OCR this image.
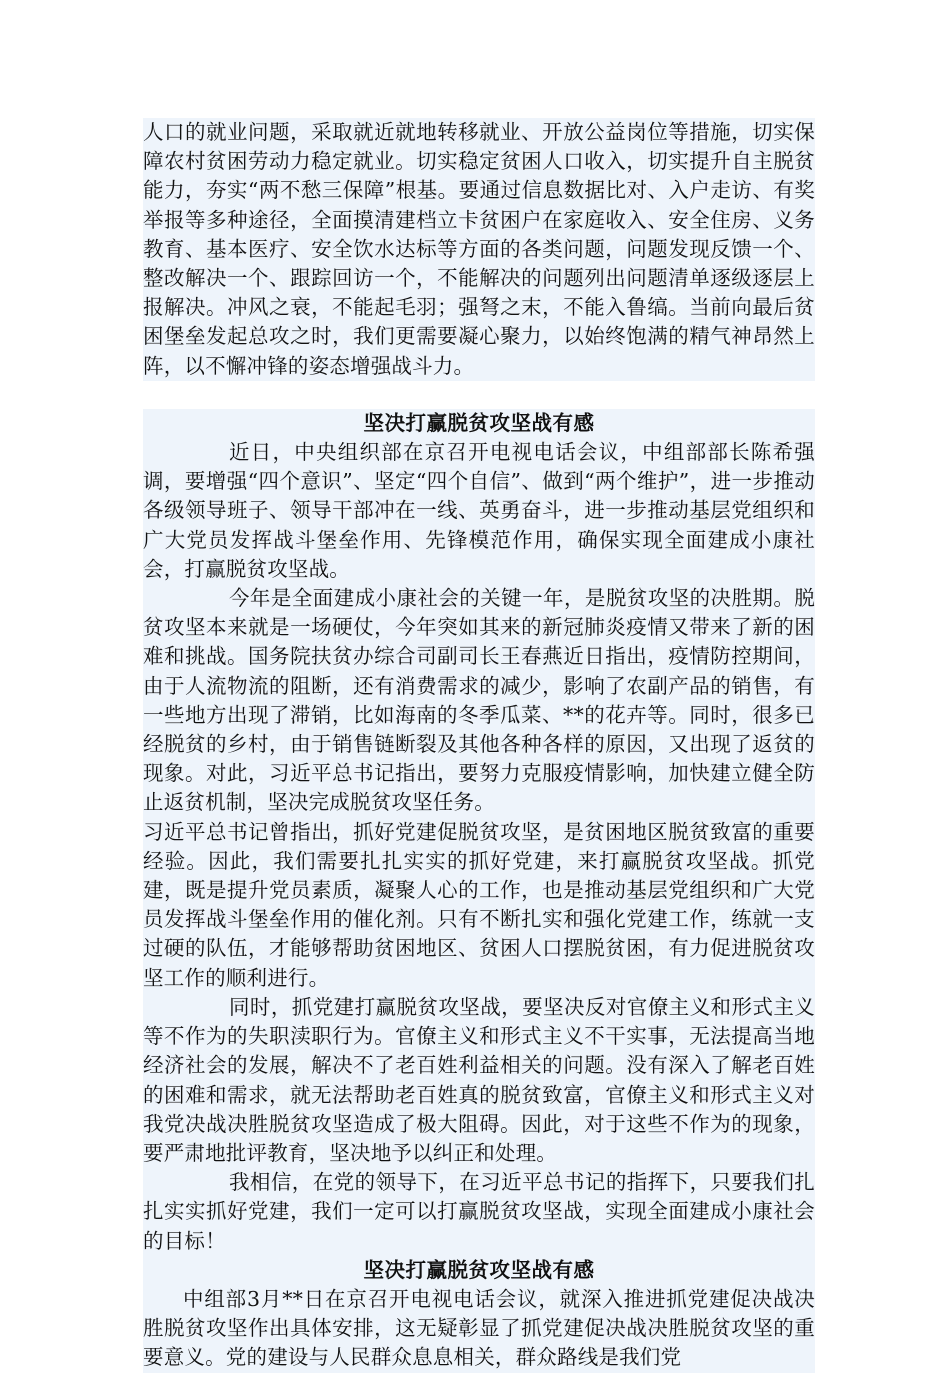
人口的就业问题，采取就近就地转移就业、开放公益岗位等措施，切实保障农村贫困劳动力稳定就业。切实稳定贫困人口收入，切实提升自主脱贫能力，夯实“两不愁三保障”根基。要通过信息数据比对、入户走访、有奖举报等多种途径，全面摸清建档立卡贫困户在家庭收入、安全住房、义务教育、基本医疗、安全饮水达标等方面的各类问题，问题发现反馈一个、整改解决一个、跟踪回访一个，不能解决的问题列出问题清单逐级逐层上报解决。冲风之衰，不能起毛羽；强弩之末，不能入鲁缟。当前向最后贫困堡垒发起总攻之时，我们更需要凝心聚力，以始终饱满的精气神昂然上阵，以不懈冲锋的姿态增强战斗力。

坚决打赢脱贫攻坚战有感

近日，中央组织部在京召开电视电话会议，中组部部长陈希强调，要增强“四个意识”、坚定“四个自信”、做到“两个维护”，进一步推动各级领导班子、领导干部冲在一线、英勇奋斗，进一步推动基层党组织和广大党员发挥战斗堡垒作用、先锋模范作用，确保实现全面建成小康社会，打赢脱贫攻坚战。

今年是全面建成小康社会的关键一年，是脱贫攻坚的决胜期。脱贫攻坚本来就是一场硬仗，今年突如其来的新冠肺炎疫情又带来了新的困难和挑战。国务院扶贫办综合司副司长王春燕近日指出，疫情防控期间，由于人流物流的阻断，还有消费需求的减少，影响了农副产品的销售，有一些地方出现了滞销，比如海南的冬季瓜菜、**的花卉等。同时，很多已经脱贫的乡村，由于销售链断裂及其他各种各样的原因，又出现了返贫的现象。对此，习近平总书记指出，要努力克服疫情影响，加快建立健全防止返贫机制，坚决完成脱贫攻坚任务。

习近平总书记曾指出，抓好党建促脱贫攻坚，是贫困地区脱贫致富的重要经验。因此，我们需要扎扎实实的抓好党建，来打赢脱贫攻坚战。抓党建，既是提升党员素质，凝聚人心的工作，也是推动基层党组织和广大党员发挥战斗堡垒作用的催化剂。只有不断扎实和强化党建工作，练就一支过硬的队伍，才能够帮助贫困地区、贫困人口摆脱贫困，有力促进脱贫攻坚工作的顺利进行。

同时，抓党建打赢脱贫攻坚战，要坚决反对官僚主义和形式主义等不作为的失职渎职行为。官僚主义和形式主义不干实事，无法提高当地经济社会的发展，解决不了老百姓利益相关的问题。没有深入了解老百姓的困难和需求，就无法帮助老百姓真的脱贫致富，官僚主义和形式主义对我党决战决胜脱贫攻坚造成了极大阻碍。因此，对于这些不作为的现象，要严肃地批评教育，坚决地予以纠正和处理。

我相信，在党的领导下，在习近平总书记的指挥下，只要我们扎扎实实抓好党建，我们一定可以打赢脱贫攻坚战，实现全面建成小康社会的目标！

坚决打赢脱贫攻坚战有感

中组部3月**日在京召开电视电话会议，就深入推进抓党建促决战决胜脱贫攻坚作出具体安排，这无疑彰显了抓党建促决战决胜脱贫攻坚的重要意义。党的建设与人民群众息息相关，群众路线是我们党
